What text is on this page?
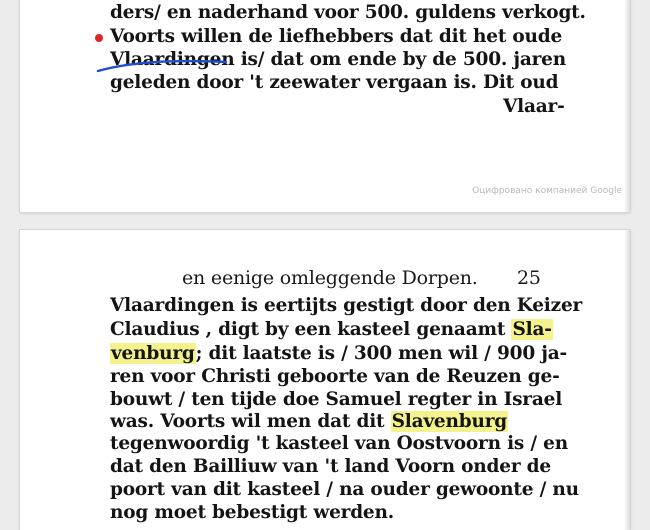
ders/ en naderhand voor 500. guldens verkogt.
Voorts willen de liefhebbers dat dit het oude
Vlaardingen is/ dat om ende by de 500. jaren
geleden door 't zeewater vergaan is. Dit oud
Vlaar-
Оцифровано компанией Google
en eenige omleggende Dorpen. 25
Vlaardingen is eertijts gestigt door den Keizer
Claudius , digt by een kasteel genaamt Sla-
venburg; dit laatste is / 300 men wil / 900 ja-
ren voor Christi geboorte van de Reuzen ge-
bouwt / ten tijde doe Samuel regter in Israel
was. Voorts wil men dat dit Slavenburg
tegenwoordig 't kasteel van Oostvoorn is / en
dat den Bailliuw van 't land Voorn onder de
poort van dit kasteel / na ouder gewoonte / nu
nog moet bebestigt werden.
